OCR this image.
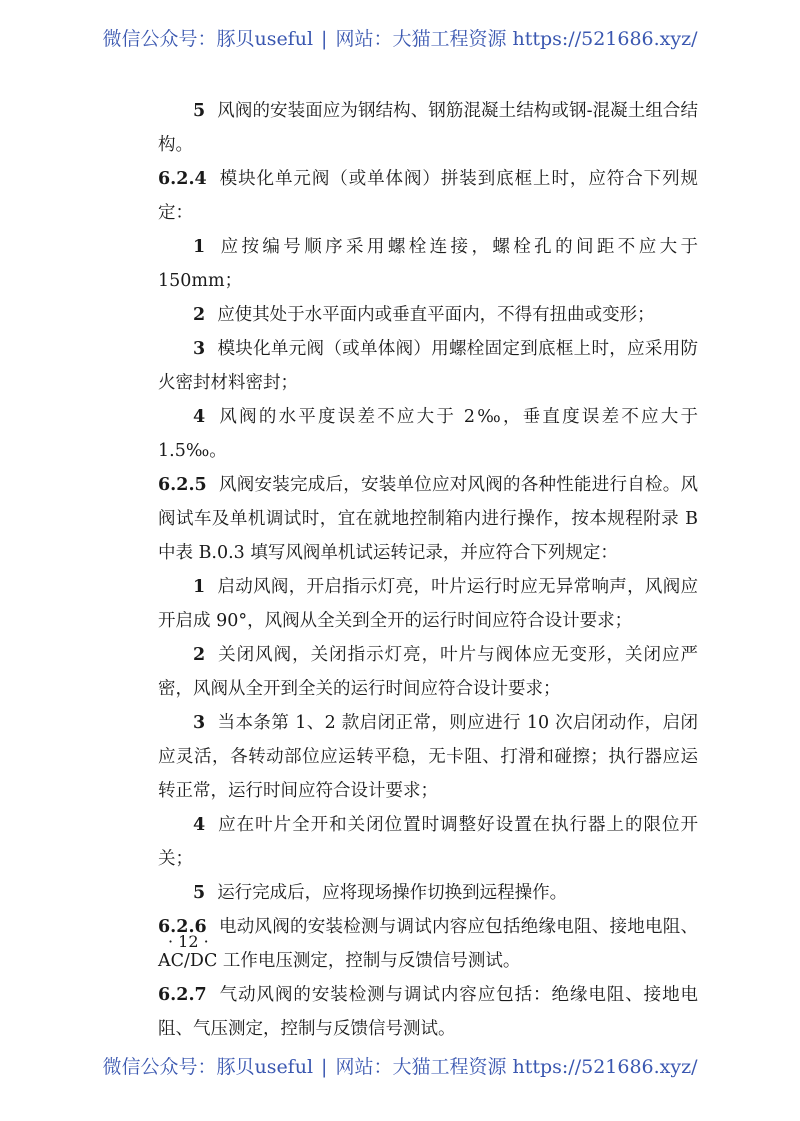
微信公众号：豚贝useful | 网站：大猫工程资源 https://521686.xyz/

5 风阀的安装面应为钢结构、钢筋混凝土结构或钢-混凝土组合结构。

6.2.4 模块化单元阀（或单体阀）拼装到底框上时，应符合下列规定：

1 应按编号顺序采用螺栓连接，螺栓孔的间距不应大于150mm；

2 应使其处于水平面内或垂直平面内，不得有扭曲或变形；

3 模块化单元阀（或单体阀）用螺栓固定到底框上时，应采用防火密封材料密封；

4 风阀的水平度误差不应大于 2‰，垂直度误差不应大于1.5‰。

6.2.5 风阀安装完成后，安装单位应对风阀的各种性能进行自检。风阀试车及单机调试时，宜在就地控制箱内进行操作，按本规程附录 B 中表 B.0.3 填写风阀单机试运转记录，并应符合下列规定：

1 启动风阀，开启指示灯亮，叶片运行时应无异常响声，风阀应开启成 90°，风阀从全关到全开的运行时间应符合设计要求；

2 关闭风阀，关闭指示灯亮，叶片与阀体应无变形，关闭应严密，风阀从全开到全关的运行时间应符合设计要求；

3 当本条第 1、2 款启闭正常，则应进行 10 次启闭动作，启闭应灵活，各转动部位应运转平稳，无卡阻、打滑和碰擦；执行器应运转正常，运行时间应符合设计要求；

4 应在叶片全开和关闭位置时调整好设置在执行器上的限位开关；

5 运行完成后，应将现场操作切换到远程操作。

6.2.6 电动风阀的安装检测与调试内容应包括绝缘电阻、接地电阻、AC/DC 工作电压测定，控制与反馈信号测试。

6.2.7 气动风阀的安装检测与调试内容应包括：绝缘电阻、接地电阻、气压测定，控制与反馈信号测试。

· 12 ·
微信公众号：豚贝useful | 网站：大猫工程资源 https://521686.xyz/
